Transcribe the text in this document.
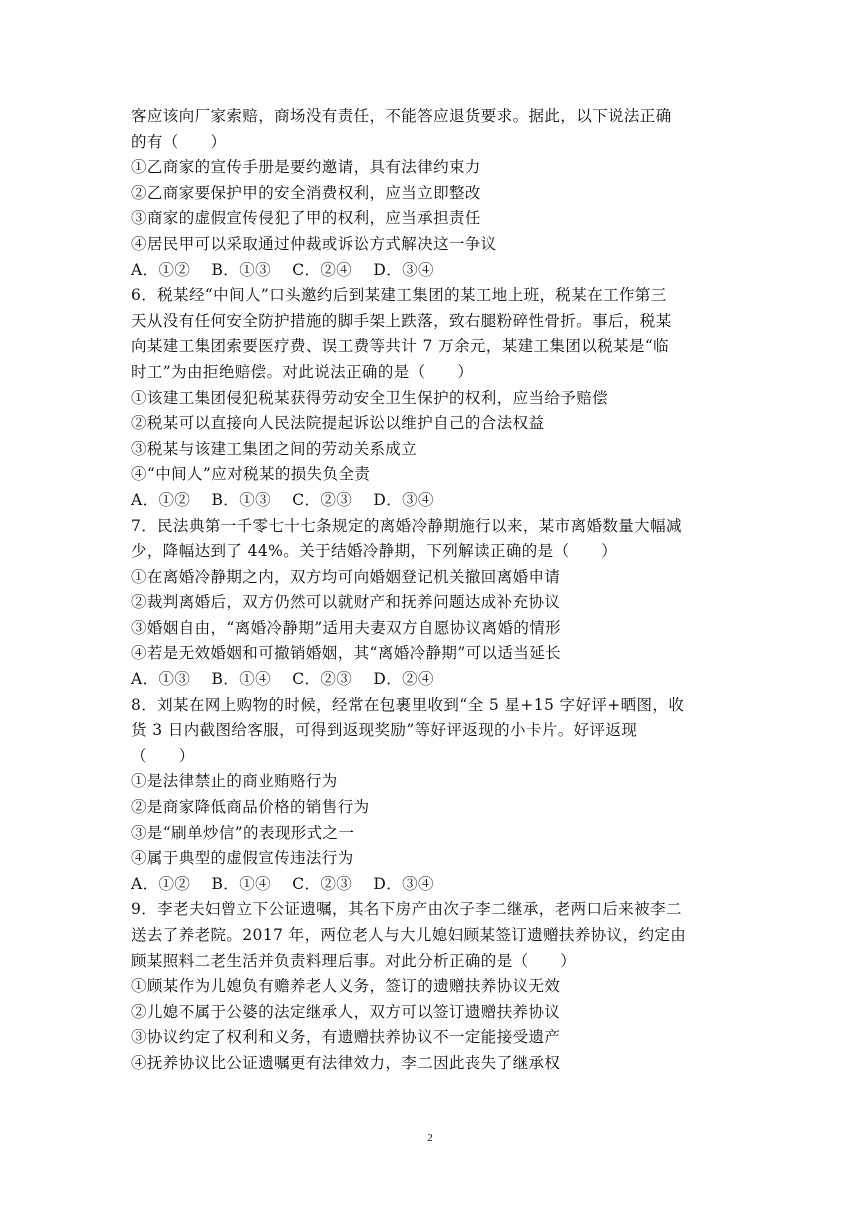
客应该向厂家索赔，商场没有责任，不能答应退货要求。据此，以下说法正确

的有（　　）

①乙商家的宣传手册是要约邀请，具有法律约束力

②乙商家要保护甲的安全消费权利，应当立即整改

③商家的虚假宣传侵犯了甲的权利，应当承担责任

④居民甲可以采取通过仲裁或诉讼方式解决这一争议

A．①②　 B．①③　 C．②④　 D．③④

6．税某经“中间人”口头邀约后到某建工集团的某工地上班，税某在工作第三

天从没有任何安全防护措施的脚手架上跌落，致右腿粉碎性骨折。事后，税某

向某建工集团索要医疗费、误工费等共计 7 万余元，某建工集团以税某是“临

时工”为由拒绝赔偿。对此说法正确的是（　　）

①该建工集团侵犯税某获得劳动安全卫生保护的权利，应当给予赔偿

②税某可以直接向人民法院提起诉讼以维护自己的合法权益

③税某与该建工集团之间的劳动关系成立

④“中间人”应对税某的损失负全责

A．①②　 B．①③　 C．②③　 D．③④

7．民法典第一千零七十七条规定的离婚冷静期施行以来，某市离婚数量大幅减

少，降幅达到了 44%。关于结婚冷静期，下列解读正确的是（　　）

①在离婚冷静期之内，双方均可向婚姻登记机关撤回离婚申请

②裁判离婚后，双方仍然可以就财产和抚养问题达成补充协议

③婚姻自由，“离婚冷静期”适用夫妻双方自愿协议离婚的情形

④若是无效婚姻和可撤销婚姻，其“离婚冷静期”可以适当延长

A．①③　 B．①④　 C．②③　 D．②④

8．刘某在网上购物的时候，经常在包裹里收到“全 5 星+15 字好评+晒图，收

货 3 日内截图给客服，可得到返现奖励”等好评返现的小卡片。好评返现

（　　）

①是法律禁止的商业贿赂行为

②是商家降低商品价格的销售行为

③是“刷单炒信”的表现形式之一

④属于典型的虚假宣传违法行为

A．①②　 B．①④　 C．②③　 D．③④

9．李老夫妇曾立下公证遗嘱，其名下房产由次子李二继承，老两口后来被李二

送去了养老院。2017 年，两位老人与大儿媳妇顾某签订遗赠扶养协议，约定由

顾某照料二老生活并负责料理后事。对此分析正确的是（　　）

①顾某作为儿媳负有赡养老人义务，签订的遗赠扶养协议无效

②儿媳不属于公婆的法定继承人，双方可以签订遗赠扶养协议

③协议约定了权利和义务，有遗赠扶养协议不一定能接受遗产

④抚养协议比公证遗嘱更有法律效力，李二因此丧失了继承权

2
